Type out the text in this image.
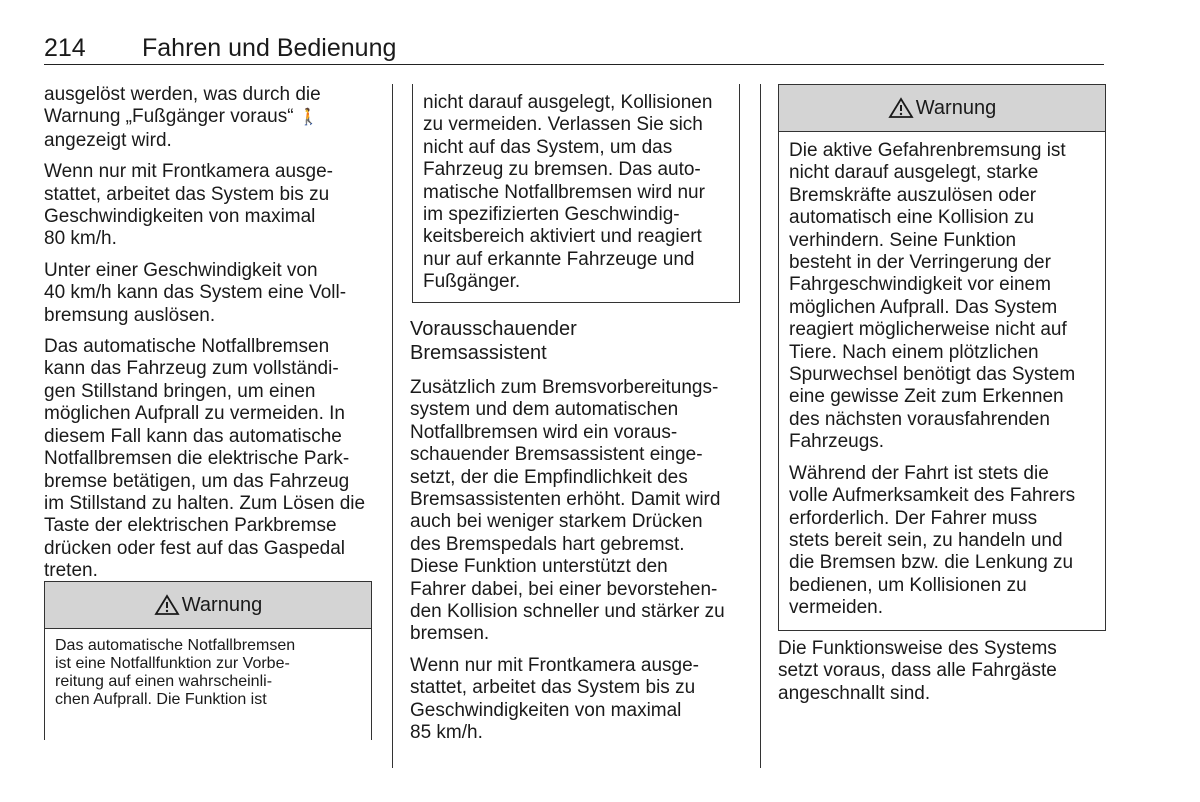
214 Fahren und Bedienung

ausgelöst werden, was durch die
Warnung „Fußgänger voraus“ 🚶
angezeigt wird.

Wenn nur mit Frontkamera ausge-
stattet, arbeitet das System bis zu
Geschwindigkeiten von maximal
80 km/h.

Unter einer Geschwindigkeit von
40 km/h kann das System eine Voll-
bremsung auslösen.

Das automatische Notfallbremsen
kann das Fahrzeug zum vollständi-
gen Stillstand bringen, um einen
möglichen Aufprall zu vermeiden. In
diesem Fall kann das automatische
Notfallbremsen die elektrische Park-
bremse betätigen, um das Fahrzeug
im Stillstand zu halten. Zum Lösen die
Taste der elektrischen Parkbremse
drücken oder fest auf das Gaspedal
treten.

Warnung

Das automatische Notfallbremsen
ist eine Notfallfunktion zur Vorbe-
reitung auf einen wahrscheinli-
chen Aufprall. Die Funktion ist

nicht darauf ausgelegt, Kollisionen
zu vermeiden. Verlassen Sie sich
nicht auf das System, um das
Fahrzeug zu bremsen. Das auto-
matische Notfallbremsen wird nur
im spezifizierten Geschwindig-
keitsbereich aktiviert und reagiert
nur auf erkannte Fahrzeuge und
Fußgänger.

Vorausschauender
Bremsassistent

Zusätzlich zum Bremsvorbereitungs-
system und dem automatischen
Notfallbremsen wird ein voraus-
schauender Bremsassistent einge-
setzt, der die Empfindlichkeit des
Bremsassistenten erhöht. Damit wird
auch bei weniger starkem Drücken
des Bremspedals hart gebremst.
Diese Funktion unterstützt den
Fahrer dabei, bei einer bevorstehen-
den Kollision schneller und stärker zu
bremsen.

Wenn nur mit Frontkamera ausge-
stattet, arbeitet das System bis zu
Geschwindigkeiten von maximal
85 km/h.

Warnung

Die aktive Gefahrenbremsung ist
nicht darauf ausgelegt, starke
Bremskräfte auszulösen oder
automatisch eine Kollision zu
verhindern. Seine Funktion
besteht in der Verringerung der
Fahrgeschwindigkeit vor einem
möglichen Aufprall. Das System
reagiert möglicherweise nicht auf
Tiere. Nach einem plötzlichen
Spurwechsel benötigt das System
eine gewisse Zeit zum Erkennen
des nächsten vorausfahrenden
Fahrzeugs.

Während der Fahrt ist stets die
volle Aufmerksamkeit des Fahrers
erforderlich. Der Fahrer muss
stets bereit sein, zu handeln und
die Bremsen bzw. die Lenkung zu
bedienen, um Kollisionen zu
vermeiden.

Die Funktionsweise des Systems
setzt voraus, dass alle Fahrgäste
angeschnallt sind.
